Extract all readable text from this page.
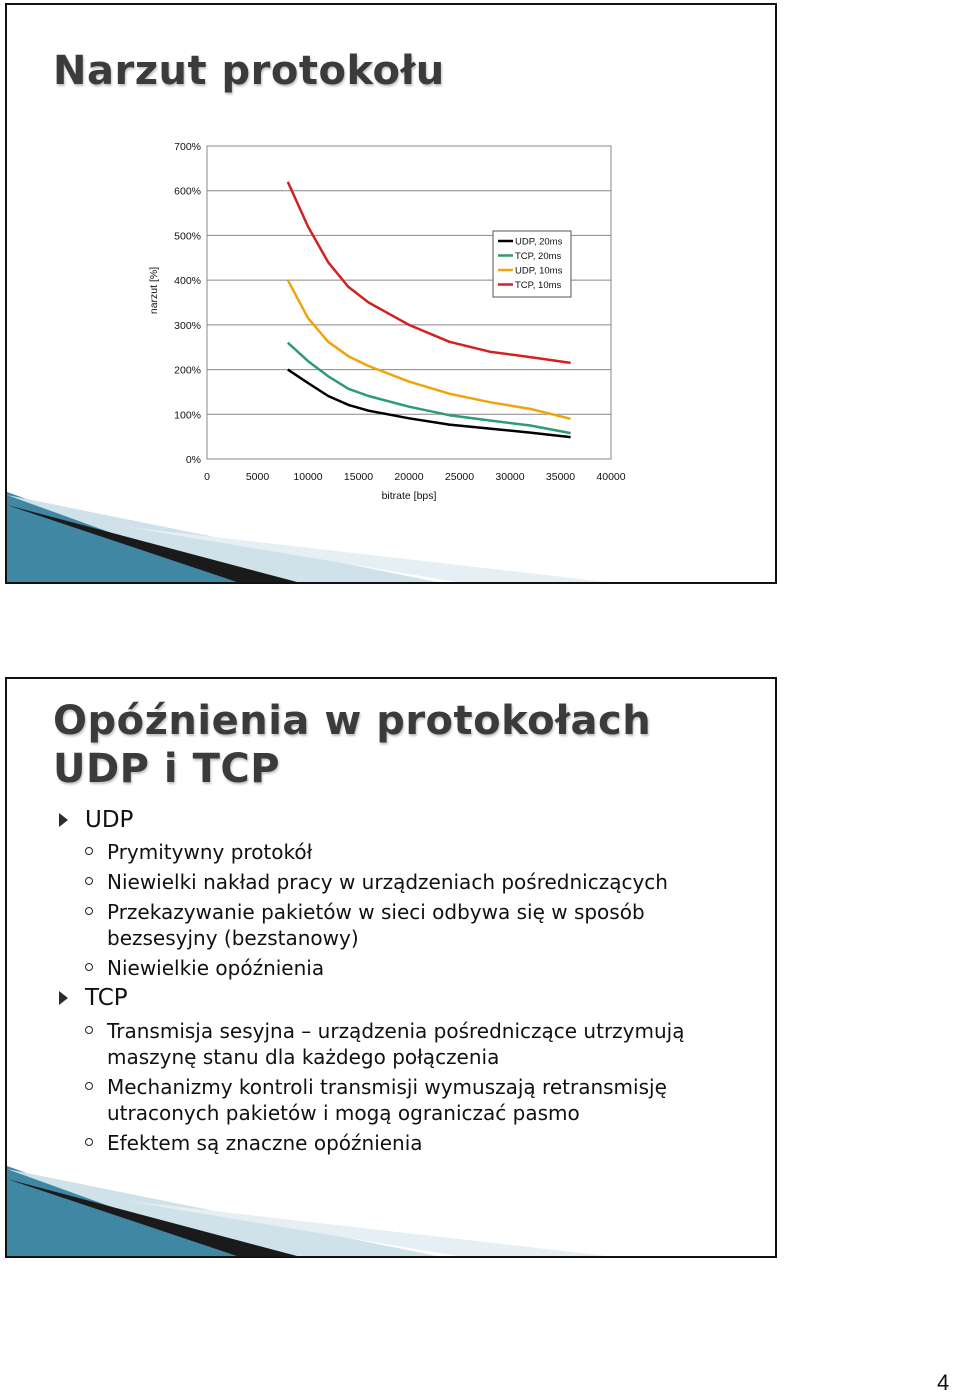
Narzut protokołu
0%
100%
200%
300%
400%
500%
600%
700%
0	5000 10000 15000 20000 25000 30000 35000 40000
bitrate [bps]
narzut [%]
UDP, 20ms
TCP, 20ms
UDP, 10ms
TCP, 10ms
Opóźnienia w protokołach UDP i TCP
UDP
Prymitywny protokół
Niewielki nakład pracy w urządzeniach pośredniczących
Przekazywanie pakietów w sieci odbywa się w sposób bezsesyjny (bezstanowy)
Niewielkie opóźnienia
TCP
Transmisja sesyjna – urządzenia pośredniczące utrzymują maszynę stanu dla każdego połączenia
Mechanizmy kontroli transmisji wymuszają retransmisję utraconych pakietów i mogą ograniczać pasmo
Efektem są znaczne opóźnienia
4
